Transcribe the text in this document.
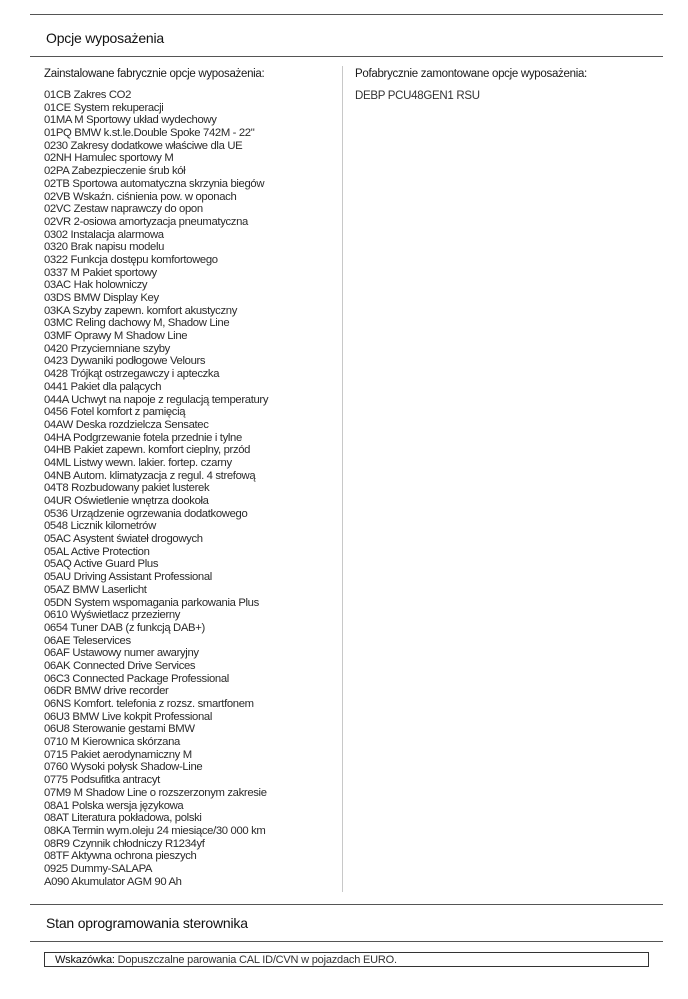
Opcje wyposażenia
Zainstalowane fabrycznie opcje wyposażenia:	Pofabrycznie zamontowane opcje wyposażenia:
DEBP PCU48GEN1 RSU
01CB Zakres CO2
01CE System rekuperacji
01MA M Sportowy układ wydechowy
01PQ BMW k.st.le.Double Spoke 742M - 22"
0230 Zakresy dodatkowe właściwe dla UE
02NH Hamulec sportowy M
02PA Zabezpieczenie śrub kół
02TB Sportowa automatyczna skrzynia biegów
02VB Wskaźn. ciśnienia pow. w oponach
02VC Zestaw naprawczy do opon
02VR 2-osiowa amortyzacja pneumatyczna
0302 Instalacja alarmowa
0320 Brak napisu modelu
0322 Funkcja dostępu komfortowego
0337 M Pakiet sportowy
03AC Hak holowniczy
03DS BMW Display Key
03KA Szyby zapewn. komfort akustyczny
03MC Reling dachowy M, Shadow Line
03MF Oprawy M Shadow Line
0420 Przyciemniane szyby
0423 Dywaniki podłogowe Velours
0428 Trójkąt ostrzegawczy i apteczka
0441 Pakiet dla palących
044A Uchwyt na napoje z regulacją temperatury
0456 Fotel komfort z pamięcią
04AW Deska rozdzielcza Sensatec
04HA Podgrzewanie fotela przednie i tylne
04HB Pakiet zapewn. komfort cieplny, przód
04ML Listwy wewn. lakier. fortep. czarny
04NB Autom. klimatyzacja z regul. 4 strefową
04T8 Rozbudowany pakiet lusterek
04UR Oświetlenie wnętrza dookoła
0536 Urządzenie ogrzewania dodatkowego
0548 Licznik kilometrów
05AC Asystent świateł drogowych
05AL Active Protection
05AQ Active Guard Plus
05AU Driving Assistant Professional
05AZ BMW Laserlicht
05DN System wspomagania parkowania Plus
0610 Wyświetlacz przezierny
0654 Tuner DAB (z funkcją DAB+)
06AE Teleservices
06AF Ustawowy numer awaryjny
06AK Connected Drive Services
06C3 Connected Package Professional
06DR BMW drive recorder
06NS Komfort. telefonia z rozsz. smartfonem
06U3 BMW Live kokpit Professional
06U8 Sterowanie gestami BMW
0710 M Kierownica skórzana
0715 Pakiet aerodynamiczny M
0760 Wysoki połysk Shadow-Line
0775 Podsufitka antracyt
07M9 M Shadow Line o rozszerzonym zakresie
08A1 Polska wersja językowa
08AT Literatura pokładowa, polski
08KA Termin wym.oleju 24 miesiące/30 000 km
08R9 Czynnik chłodniczy R1234yf
08TF Aktywna ochrona pieszych
0925 Dummy-SALAPA
A090 Akumulator AGM 90 Ah
Stan oprogramowania sterownika
Wskazówka: Dopuszczalne parowania CAL ID/CVN w pojazdach EURO.
